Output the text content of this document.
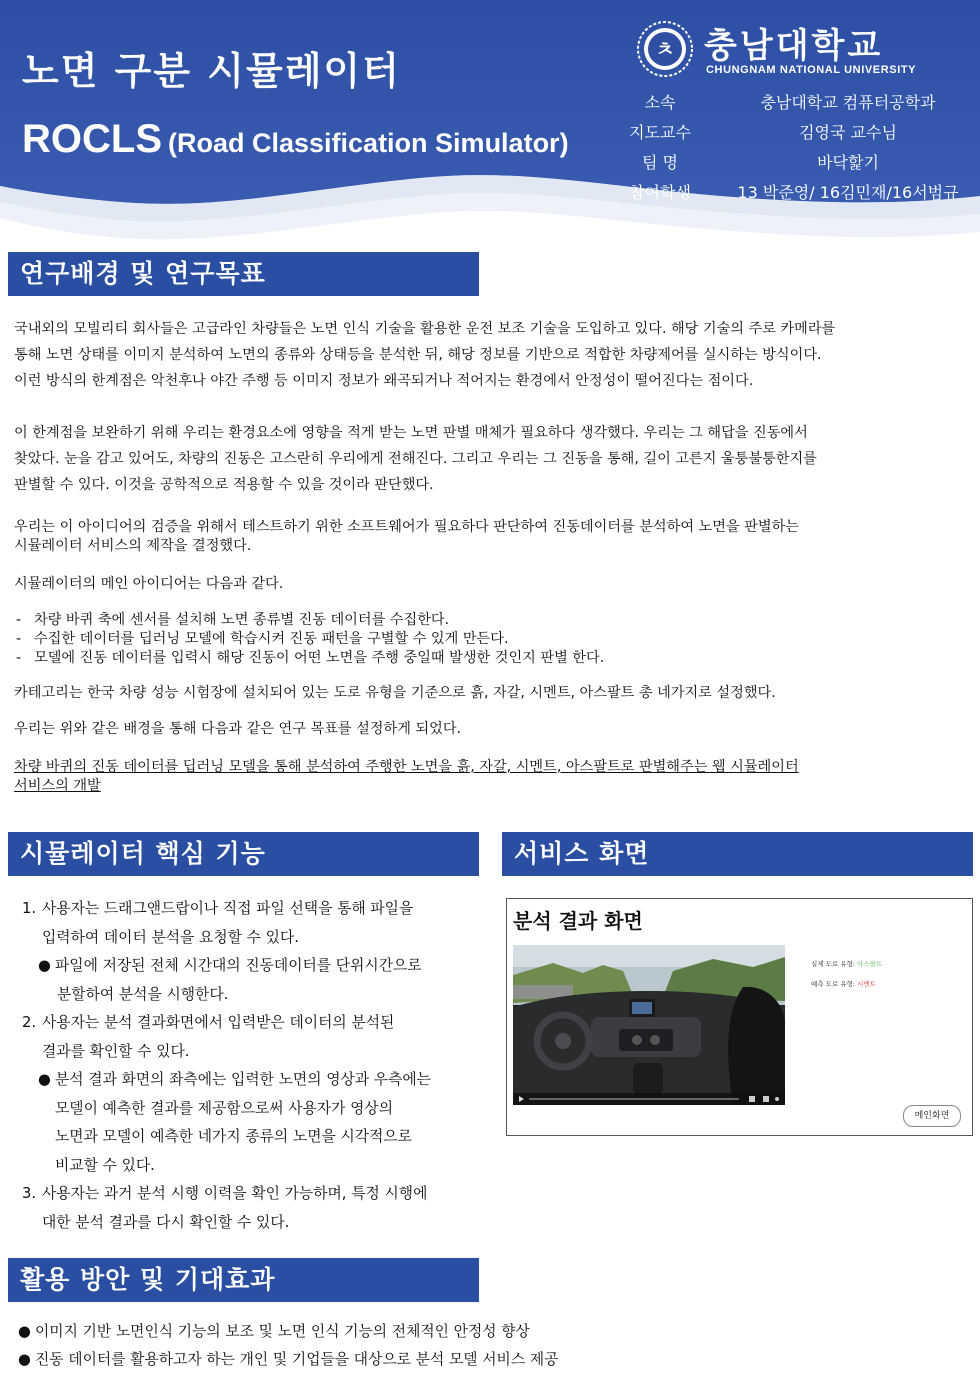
노면 구분 시뮬레이터
ROCLS (Road Classification Simulator)
ㅊ 충남대학교
CHUNGNAM NATIONAL UNIVERSITY
소속	충남대학교 컴퓨터공학과
지도교수	김영국 교수님
팀 명	바닥핥기
참여학생	13 박준영/ 16김민재/16서범규
연구배경 및 연구목표
국내외의 모빌리티 회사들은 고급라인 차량들은 노면 인식 기술을 활용한 운전 보조 기술을 도입하고 있다. 해당 기술의 주로 카메라를
통해 노면 상태를 이미지 분석하여 노면의 종류와 상태등을 분석한 뒤, 해당 정보를 기반으로 적합한 차량제어를 실시하는 방식이다.
이런 방식의 한계점은 악천후나 야간 주행 등 이미지 정보가 왜곡되거나 적어지는 환경에서 안정성이 떨어진다는 점이다.
이 한계점을 보완하기 위해 우리는 환경요소에 영향을 적게 받는 노면 판별 매체가 필요하다 생각했다. 우리는 그 해답을 진동에서
찾았다. 눈을 감고 있어도, 차량의 진동은 고스란히 우리에게 전해진다. 그리고 우리는 그 진동을 통해, 길이 고른지 울퉁불퉁한지를
판별할 수 있다. 이것을 공학적으로 적용할 수 있을 것이라 판단했다.
우리는 이 아이디어의 검증을 위해서 테스트하기 위한 소프트웨어가 필요하다 판단하여 진동데이터를 분석하여 노면을 판별하는
시뮬레이터 서비스의 제작을 결정했다.
시뮬레이터의 메인 아이디어는 다음과 같다.
- 차량 바퀴 축에 센서를 설치해 노면 종류별 진동 데이터를 수집한다.
- 수집한 데이터를 딥러닝 모델에 학습시켜 진동 패턴을 구별할 수 있게 만든다.
- 모델에 진동 데이터를 입력시 해당 진동이 어떤 노면을 주행 중일때 발생한 것인지 판별 한다.
카테고리는 한국 차량 성능 시험장에 설치되어 있는 도로 유형을 기준으로 흙, 자갈, 시멘트, 아스팔트 총 네가지로 설정했다.
우리는 위와 같은 배경을 통해 다음과 같은 연구 목표를 설정하게 되었다.
차량 바퀴의 진동 데이터를 딥러닝 모델을 통해 분석하여 주행한 노면을 흙, 자갈, 시멘트, 아스팔트로 판별해주는 웹 시뮬레이터
서비스의 개발
시뮬레이터 핵심 기능
1. 사용자는 드래그앤드랍이나 직접 파일 선택을 통해 파일을
입력하여 데이터 분석을 요청할 수 있다.
● 파일에 저장된 전체 시간대의 진동데이터를 단위시간으로
분할하여 분석을 시행한다.
2. 사용자는 분석 결과화면에서 입력받은 데이터의 분석된
결과를 확인할 수 있다.
● 분석 결과 화면의 좌측에는 입력한 노면의 영상과 우측에는
모델이 예측한 결과를 제공함으로써 사용자가 영상의
노면과 모델이 예측한 네가지 종류의 노면을 시각적으로
비교할 수 있다.
3. 사용자는 과거 분석 시행 이력을 확인 가능하며, 특정 시행에
대한 분석 결과를 다시 확인할 수 있다.
서비스 화면
분석 결과 화면
실제 도로 유형: 아스팔트
예측 도로 유형: 시멘트
메인화면
활용 방안 및 기대효과
● 이미지 기반 노면인식 기능의 보조 및 노면 인식 기능의 전체적인 안정성 향상
● 진동 데이터를 활용하고자 하는 개인 및 기업들을 대상으로 분석 모델 서비스 제공
